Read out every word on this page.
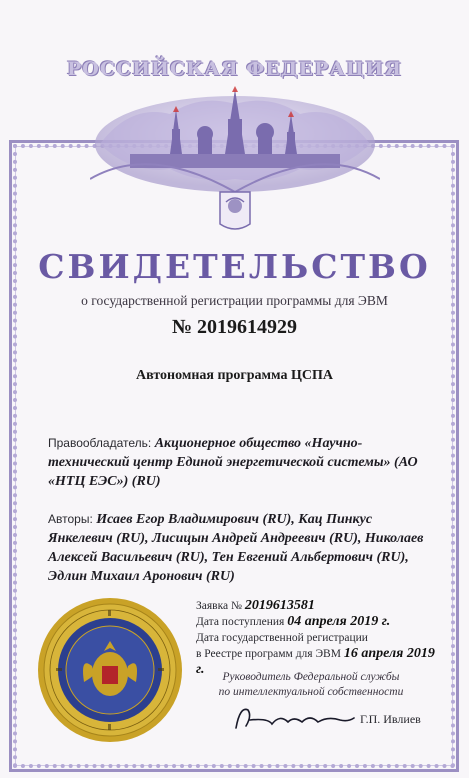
РОССИЙСКАЯ ФЕДЕРАЦИЯ
СВИДЕТЕЛЬСТВО
о государственной регистрации программы для ЭВМ
№ 2019614929
Автономная программа ЦСПА
Правообладатель: Акционерное общество «Научно-технический центр Единой энергетической системы» (АО «НТЦ ЕЭС») (RU)
Авторы: Исаев Егор Владимирович (RU), Кац Пинкус Янкелевич (RU), Лисицын Андрей Андреевич (RU), Николаев Алексей Васильевич (RU), Тен Евгений Альбертович (RU), Эдлин Михаил Аронович (RU)
Заявка № 2019613581
Дата поступления 04 апреля 2019 г.
Дата государственной регистрации
в Реестре программ для ЭВМ 16 апреля 2019 г.	Руководитель Федеральной службы
по интеллектуальной собственности
Г.П. Ивлиев
